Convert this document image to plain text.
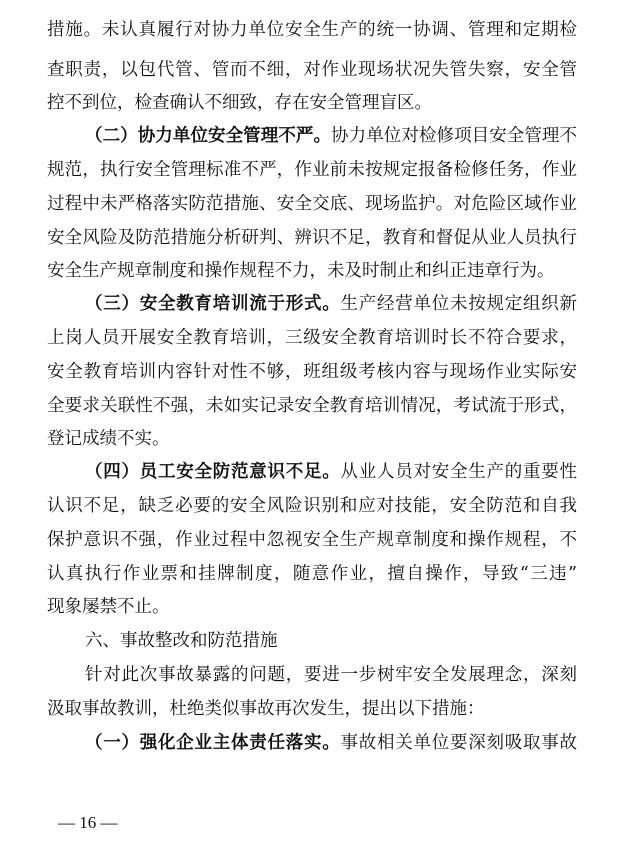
措施。未认真履行对协力单位安全生产的统一协调、管理和定期检
查职责，以包代管、管而不细，对作业现场状况失管失察，安全管
控不到位，检查确认不细致，存在安全管理盲区。
（二）协力单位安全管理不严。协力单位对检修项目安全管理不
规范，执行安全管理标准不严，作业前未按规定报备检修任务，作业
过程中未严格落实防范措施、安全交底、现场监护。对危险区域作业
安全风险及防范措施分析研判、辨识不足，教育和督促从业人员执行
安全生产规章制度和操作规程不力，未及时制止和纠正违章行为。
（三）安全教育培训流于形式。生产经营单位未按规定组织新
上岗人员开展安全教育培训，三级安全教育培训时长不符合要求，
安全教育培训内容针对性不够，班组级考核内容与现场作业实际安
全要求关联性不强，未如实记录安全教育培训情况，考试流于形式，
登记成绩不实。
（四）员工安全防范意识不足。从业人员对安全生产的重要性
认识不足，缺乏必要的安全风险识别和应对技能，安全防范和自我
保护意识不强，作业过程中忽视安全生产规章制度和操作规程，不
认真执行作业票和挂牌制度，随意作业，擅自操作，导致“三违”
现象屡禁不止。
六、事故整改和防范措施
针对此次事故暴露的问题，要进一步树牢安全发展理念，深刻
汲取事故教训，杜绝类似事故再次发生，提出以下措施：
（一）强化企业主体责任落实。事故相关单位要深刻吸取事故
— 16 —
